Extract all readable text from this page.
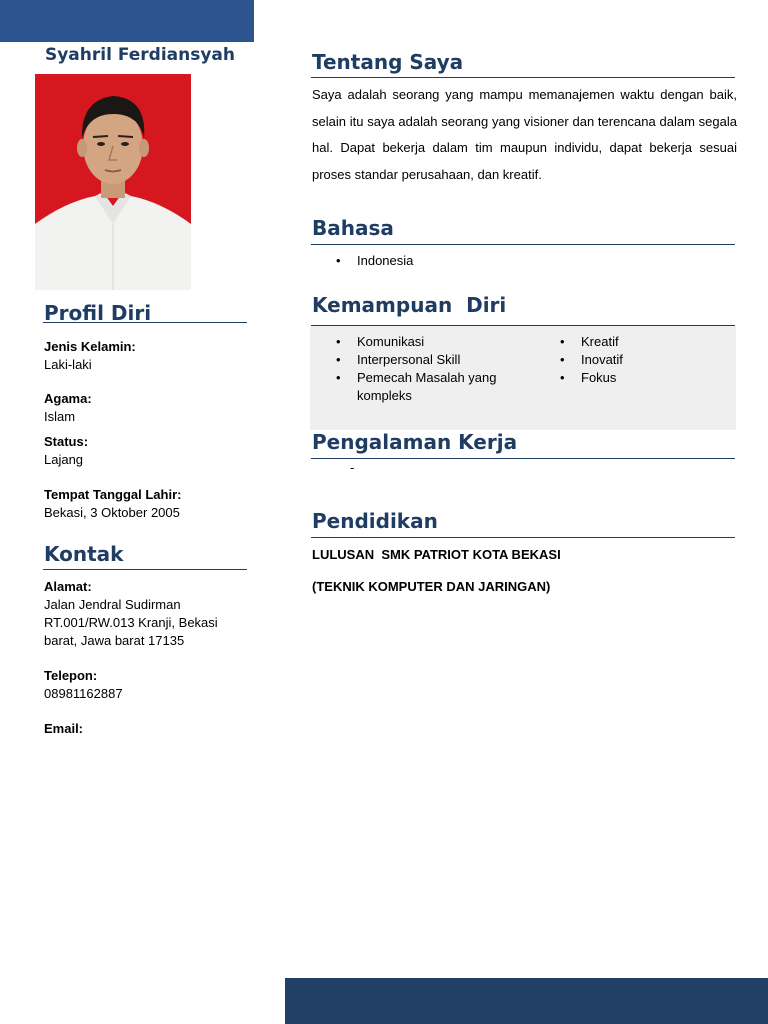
Syahril Ferdiansyah
Profil Diri
Jenis Kelamin:
Laki-laki
Agama:
Islam
Status:
Lajang
Tempat Tanggal Lahir:
Bekasi, 3 Oktober 2005
Kontak
Alamat:
Jalan Jendral Sudirman
RT.001/RW.013 Kranji, Bekasi
barat, Jawa barat 17135
Telepon:
08981162887
Email:
Tentang Saya
Saya adalah seorang yang mampu memanajemen waktu dengan baik, selain itu saya adalah seorang yang visioner dan terencana dalam segala hal. Dapat bekerja dalam tim maupun individu, dapat bekerja sesuai proses standar perusahaan, dan kreatif.
Bahasa
• Indonesia
Kemampuan  Diri
• Komunikasi
• Interpersonal Skill
• Pemecah Masalah yang kompleks
• Kreatif
• Inovatif
• Fokus
Pengalaman Kerja
-
Pendidikan
LULUSAN  SMK PATRIOT KOTA BEKASI
(TEKNIK KOMPUTER DAN JARINGAN)
